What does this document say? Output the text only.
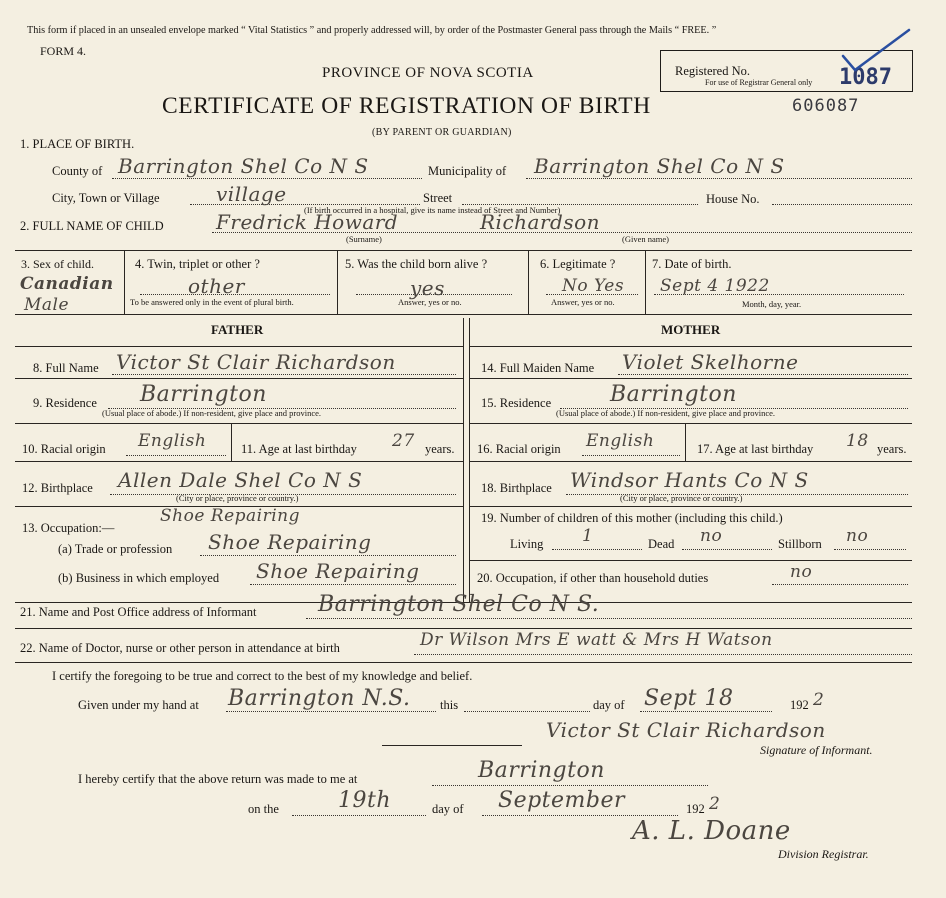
This form if placed in an unsealed envelope marked “ Vital Statistics ” and properly addressed will, by order of the Postmaster General pass through the Mails “ FREE. ”
FORM 4.
PROVINCE OF NOVA SCOTIA
CERTIFICATE OF REGISTRATION OF BIRTH
(BY PARENT OR GUARDIAN)
Registered No.
For use of Registrar General only 1087
606087
1. PLACE OF BIRTH.
County of Barrington Shel Co N S	Municipality of Barrington Shel Co N S
City, Town or Village	village	Street	House No.
(If birth occurred in a hospital, give its name instead of Street and Number)
2. FULL NAME OF CHILD	Fredrick Howard	Richardson
(Surname)	(Given name)
3. Sex of child.
Canadian
Male
4. Twin, triplet or other ?
other
To be answered only in the event of plural birth.
5. Was the child born alive ?
yes
Answer, yes or no.
6. Legitimate ?
No Yes
Answer, yes or no.
7. Date of birth.
Sept 4 1922
Month, day, year.
FATHER	MOTHER
8. Full Name Victor St Clair Richardson
9. Residence Barrington
(Usual place of abode.) If non-resident, give place and province.
10. Racial origin English	11. Age at last birthday 27 years.
12. Birthplace Allen Dale Shel Co N S
(City or place, province or country.)
13. Occupation:—
Shoe Repairing
(a) Trade or profession Shoe Repairing
(b) Business in which employed Shoe Repairing
14. Full Maiden Name Violet Skelhorne
15. Residence	Barrington
(Usual place of abode.) If non-resident, give place and province.
16. Racial origin English	17. Age at last birthday 18 years.
18. Birthplace Windsor Hants Co N S
(City or place, province or country.)
19. Number of children of this mother (including this child.)
Living 1	Dead no	Stillborn no
20. Occupation, if other than household duties	no
21. Name and Post Office address of Informant	Barrington Shel Co N S.
22. Name of Doctor, nurse or other person in attendance at birth	Dr Wilson Mrs E watt & Mrs H Watson
I certify the foregoing to be true and correct to the best of my knowledge and belief.
Given under my hand at Barrington N.S. this	day of Sept 18	192 2
Victor St Clair Richardson
Signature of Informant.
I hereby certify that the above return was made to me at	Barrington
on the	19th	day of September	192 2
A. L. Doane
Division Registrar.
